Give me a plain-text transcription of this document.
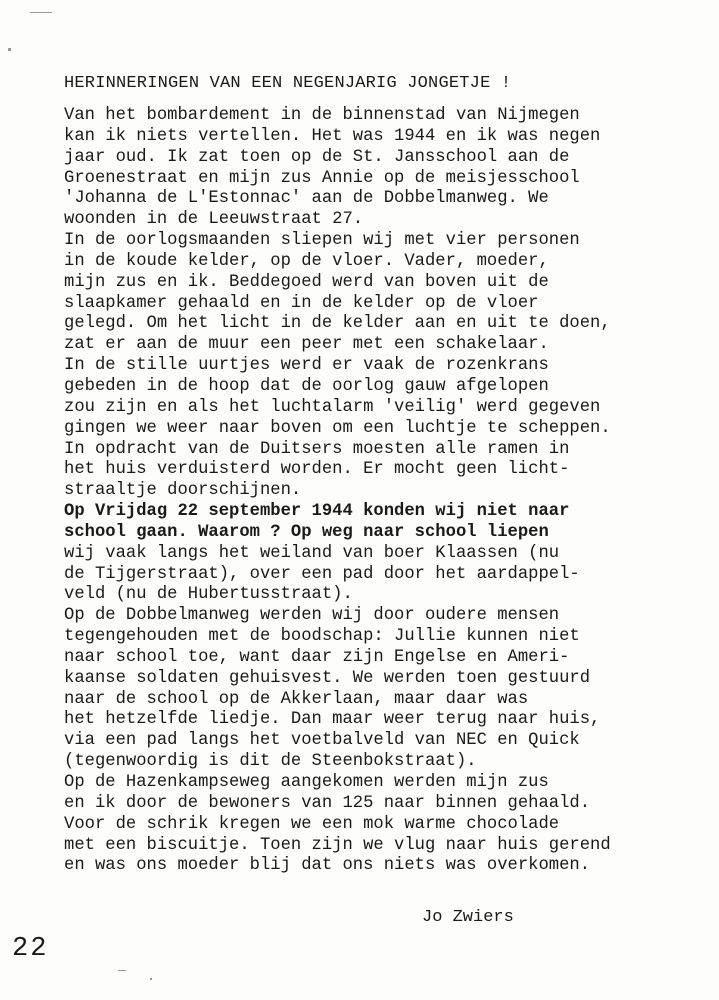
HERINNERINGEN VAN EEN NEGENJARIG JONGETJE !
Van het bombardement in de binnenstad van Nijmegen
kan ik niets vertellen. Het was 1944 en ik was negen
jaar oud. Ik zat toen op de St. Jansschool aan de
Groenestraat en mijn zus Annie op de meisjesschool
'Johanna de L'Estonnac' aan de Dobbelmanweg. We
woonden in de Leeuwstraat 27.
In de oorlogsmaanden sliepen wij met vier personen
in de koude kelder, op de vloer. Vader, moeder,
mijn zus en ik. Beddegoed werd van boven uit de
slaapkamer gehaald en in de kelder op de vloer
gelegd. Om het licht in de kelder aan en uit te doen,
zat er aan de muur een peer met een schakelaar.
In de stille uurtjes werd er vaak de rozenkrans
gebeden in de hoop dat de oorlog gauw afgelopen
zou zijn en als het luchtalarm 'veilig' werd gegeven
gingen we weer naar boven om een luchtje te scheppen.
In opdracht van de Duitsers moesten alle ramen in
het huis verduisterd worden. Er mocht geen licht-
straaltje doorschijnen.
Op Vrijdag 22 september 1944 konden wij niet naar
school gaan. Waarom ? Op weg naar school liepen
wij vaak langs het weiland van boer Klaassen (nu
de Tijgerstraat), over een pad door het aardappel-
veld (nu de Hubertusstraat).
Op de Dobbelmanweg werden wij door oudere mensen
tegengehouden met de boodschap: Jullie kunnen niet
naar school toe, want daar zijn Engelse en Ameri-
kaanse soldaten gehuisvest. We werden toen gestuurd
naar de school op de Akkerlaan, maar daar was
het hetzelfde liedje. Dan maar weer terug naar huis,
via een pad langs het voetbalveld van NEC en Quick
(tegenwoordig is dit de Steenbokstraat).
Op de Hazenkampseweg aangekomen werden mijn zus
en ik door de bewoners van 125 naar binnen gehaald.
Voor de schrik kregen we een mok warme chocolade
met een biscuitje. Toen zijn we vlug naar huis gerend
en was ons moeder blij dat ons niets was overkomen.
Jo Zwiers
22
